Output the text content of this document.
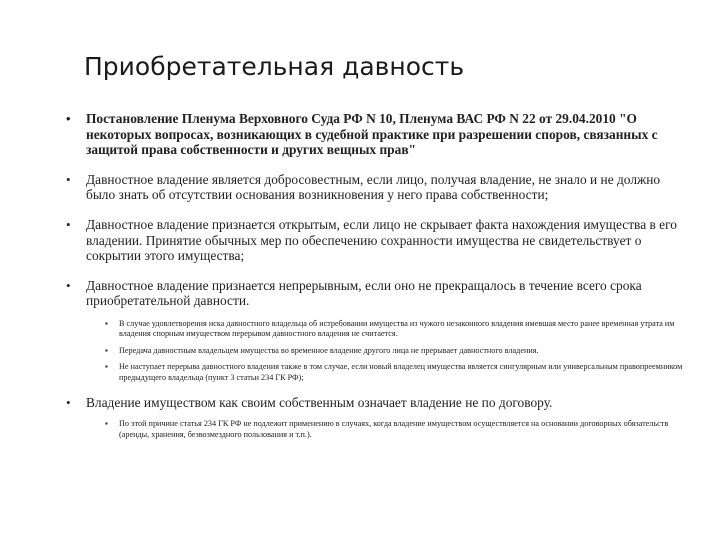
Приобретательная давность
• Постановление Пленума Верховного Суда РФ N 10, Пленума ВАС РФ N 22 от 29.04.2010 "О некоторых вопросах, возникающих в судебной практике при разрешении споров, связанных с защитой права собственности и других вещных прав"
• Давностное владение является добросовестным, если лицо, получая владение, не знало и не должно было знать об отсутствии основания возникновения у него права собственности;
• Давностное владение признается открытым, если лицо не скрывает факта нахождения имущества в его владении. Принятие обычных мер по обеспечению сохранности имущества не свидетельствует о сокрытии этого имущества;
• Давностное владение признается непрерывным, если оно не прекращалось в течение всего срока приобретательной давности.
▪ В случае удовлетворения иска давностного владельца об истребовании имущества из чужого незаконного владения имевшая место ранее временная утрата им владения спорным имуществом перерывом давностного владения не считается.
▪ Передача давностным владельцем имущества во временное владение другого лица не прерывает давностного владения.
▪ Не наступает перерыва давностного владения также в том случае, если новый владелец имущества является сингулярным или универсальным правопреемником предыдущего владельца (пункт 3 статьи 234 ГК РФ);
• Владение имуществом как своим собственным означает владение не по договору.
▪ По этой причине статья 234 ГК РФ не подлежит применению в случаях, когда владение имуществом осуществляется на основании договорных обязательств (аренды, хранения, безвозмездного пользования и т.п.).
